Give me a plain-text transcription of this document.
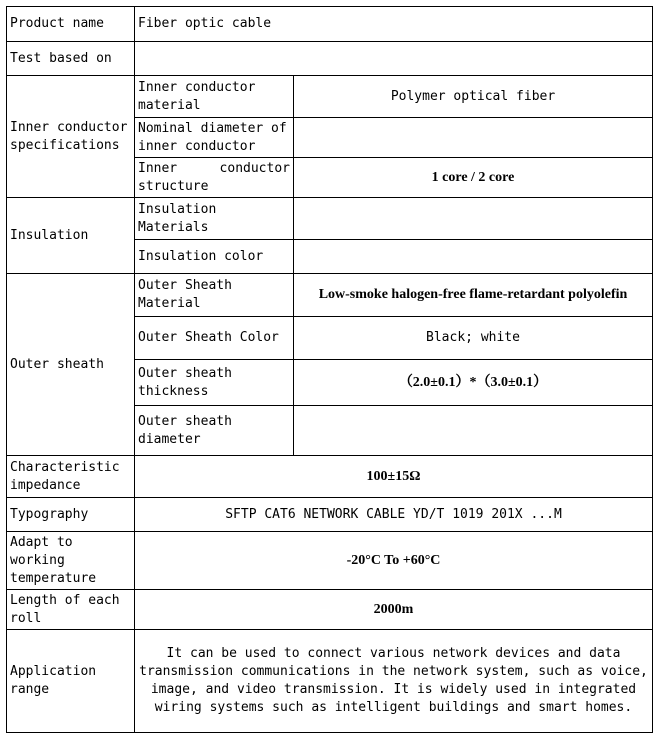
Product name	Fiber optic cable	
Test based on		
Inner conductor specifications	Inner conductor material	Polymer optical fiber
	Nominal diameter of inner conductor	
	Inner conductor structure	1 core / 2 core
Insulation	Insulation Materials	
	Insulation color	
Outer sheath	Outer Sheath Material	Low-smoke halogen-free flame-retardant polyolefin
	Outer Sheath Color	Black; white
	Outer sheath thickness	（2.0±0.1）*（3.0±0.1）
	Outer sheath diameter	
Characteristic impedance	100±15Ω	
Typography	SFTP CAT6 NETWORK CABLE YD/T 1019 201X ...M	
Adapt to working temperature	-20°C To +60°C	
Length of each roll	2000m	
Application range	It can be used to connect various network devices and data transmission communications in the network system, such as voice, image, and video transmission. It is widely used in integrated wiring systems such as intelligent buildings and smart homes.	
